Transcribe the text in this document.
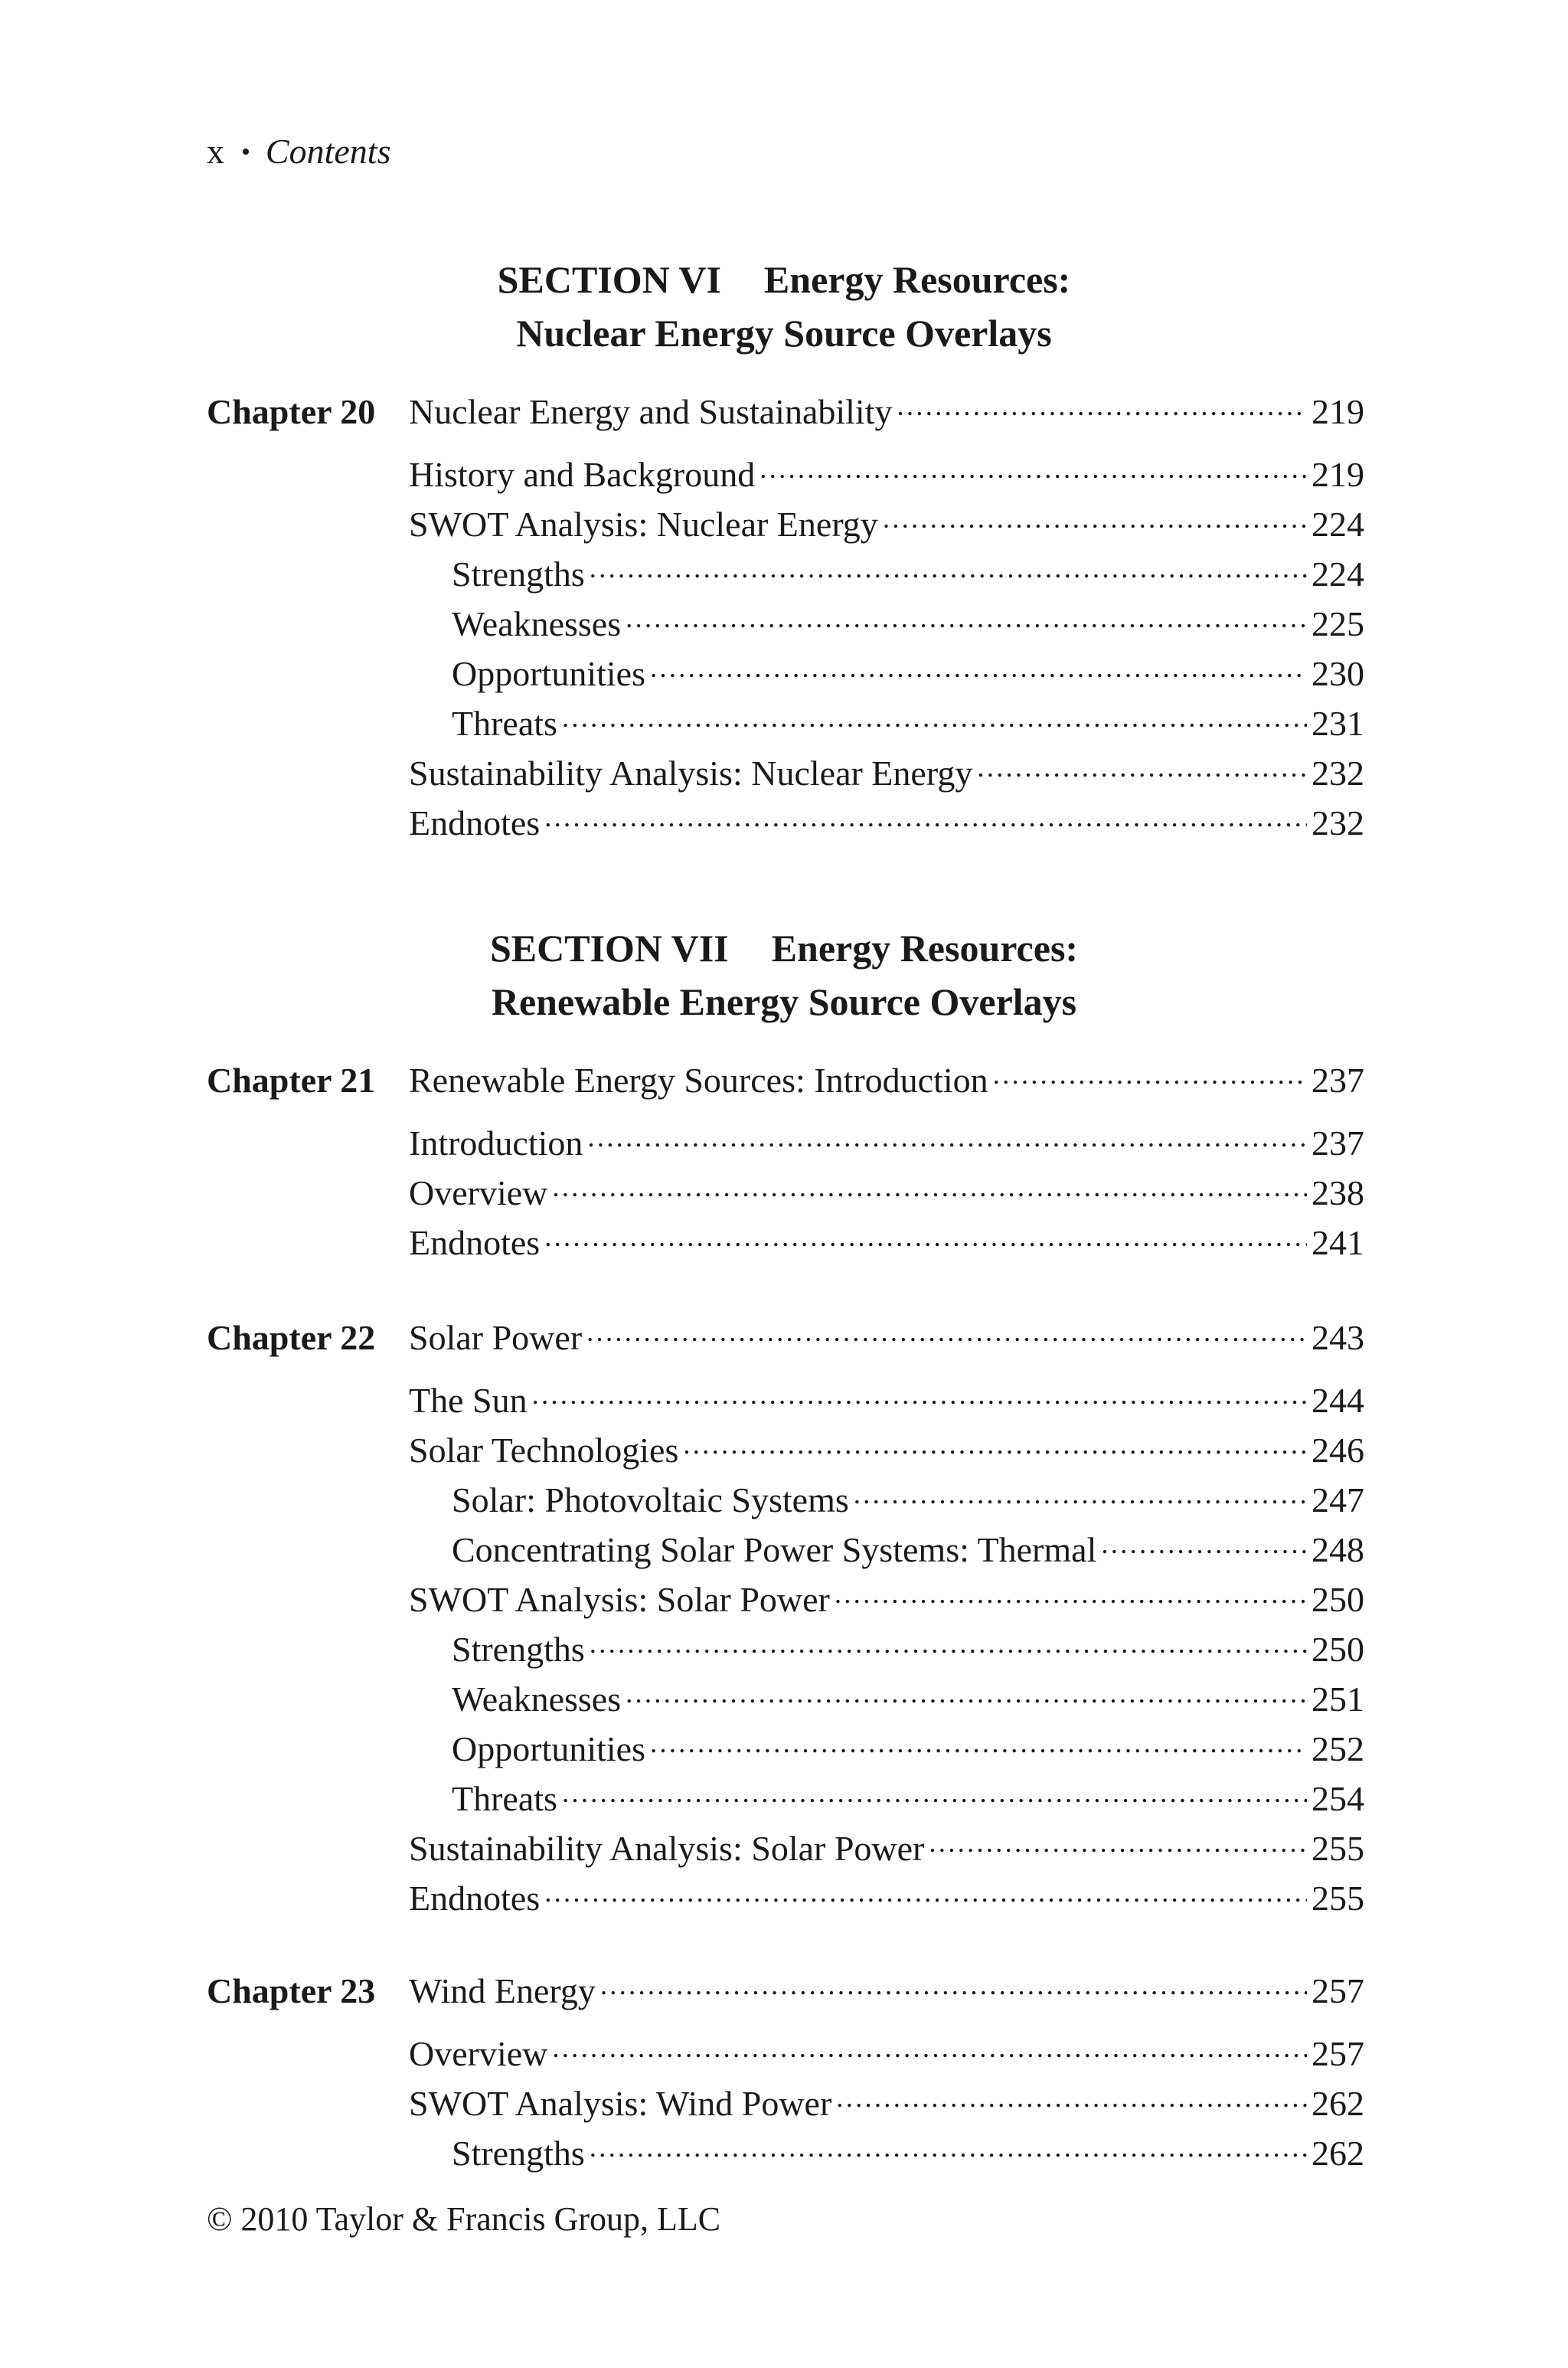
x • Contents
SECTION VI Energy Resources:
Nuclear Energy Source Overlays
Chapter 20 Nuclear Energy and Sustainability . . .	219
History and Background . . .	219
SWOT Analysis: Nuclear Energy . . .	224
Strengths . . .	224
Weaknesses . . .	225
Opportunities . . .	230
Threats . . .	231
Sustainability Analysis: Nuclear Energy . . .	232
Endnotes . . .	232
SECTION VII Energy Resources:
Renewable Energy Source Overlays
Chapter 21 Renewable Energy Sources: Introduction . . .	237
Introduction . . .	237
Overview . . .	238
Endnotes . . .	241
Chapter 22 Solar Power . . .	243
The Sun . . .	244
Solar Technologies . . .	246
Solar: Photovoltaic Systems . . .	247
Concentrating Solar Power Systems: Thermal . . .	248
SWOT Analysis: Solar Power . . .	250
Strengths . . .	250
Weaknesses . . .	251
Opportunities . . .	252
Threats . . .	254
Sustainability Analysis: Solar Power . . .	255
Endnotes . . .	255
Chapter 23 Wind Energy . . .	257
Overview . . .	257
SWOT Analysis: Wind Power . . .	262
Strengths . . .	262
© 2010 Taylor & Francis Group, LLC
